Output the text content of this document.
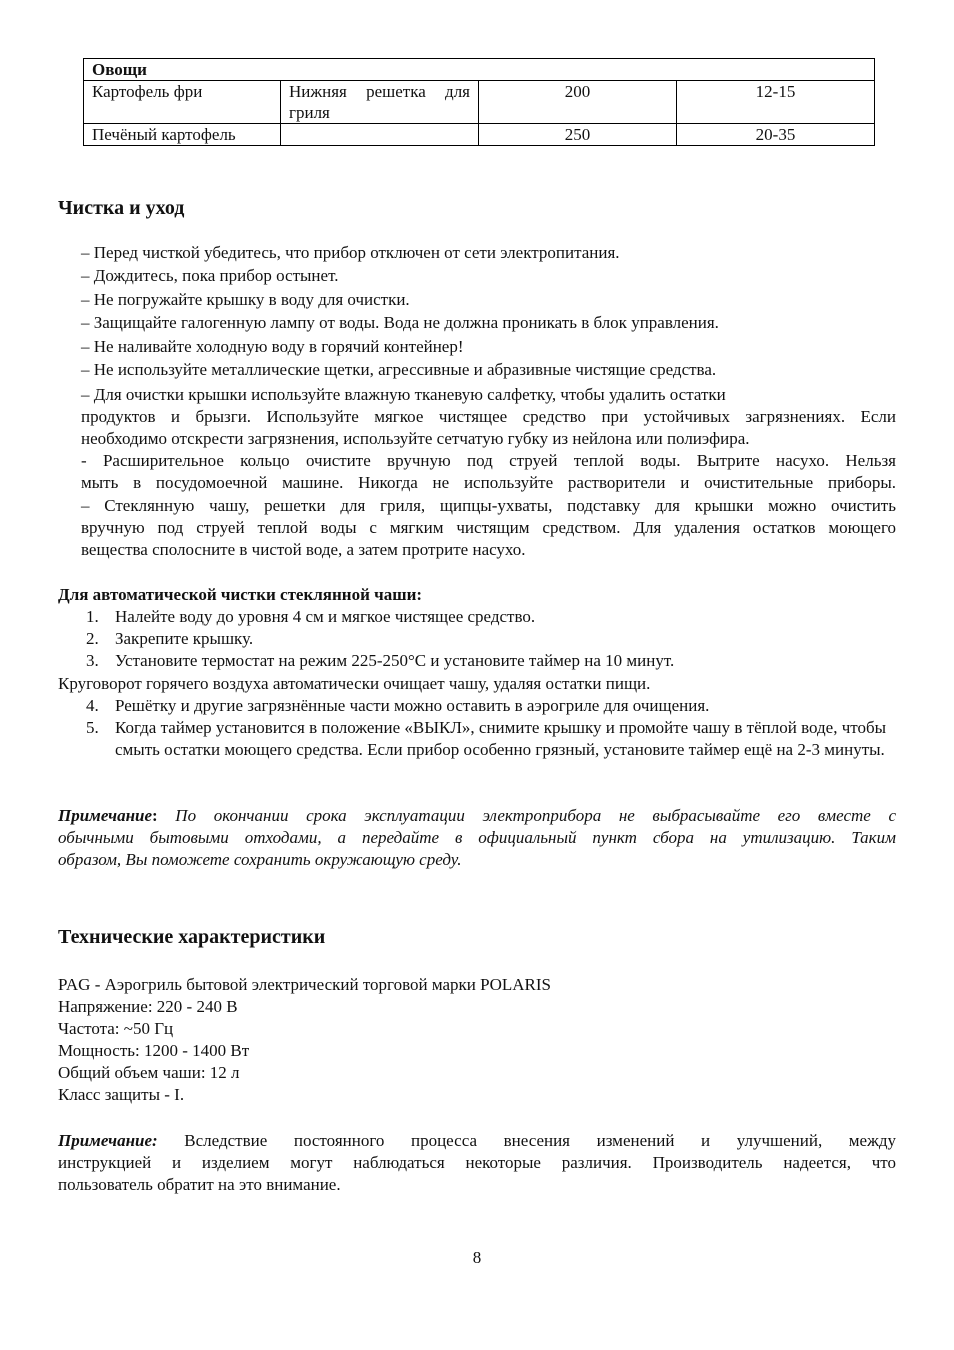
Овощи			
Картофель фри	Нижняя решетка для
гриля	200	12-15
Печёный картофель		250	20-35
Чистка и уход
– Перед чисткой убедитесь, что прибор отключен от сети электропитания.
– Дождитесь, пока прибор остынет.
– Не погружайте крышку в воду для очистки.
– Защищайте галогенную лампу от воды. Вода не должна проникать в блок управления.
– Не наливайте холодную воду в горячий контейнер!
– Не используйте металлические щетки, агрессивные и абразивные чистящие средства.
– Для очистки крышки используйте влажную тканевую салфетку, чтобы удалить остатки
продуктов и брызги. Используйте мягкое чистящее средство при устойчивых загрязнениях. Если
необходимо отскрести загрязнения, используйте сетчатую губку из нейлона или полиэфира.
- Расширительное кольцо очистите вручную под струей теплой воды. Вытрите насухо. Нельзя
мыть в посудомоечной машине. Никогда не используйте растворители и очистительные приборы.
– Стеклянную чашу, решетки для гриля, щипцы-ухваты, подставку для крышки можно очистить
вручную под струей теплой воды с мягким чистящим средством. Для удаления остатков моющего
вещества сполосните в чистой воде, а затем протрите насухо.
Для автоматической чистки стеклянной чаши:
1. Налейте воду до уровня 4 см и мягкое чистящее средство.
2. Закрепите крышку.
3. Установите термостат на режим 225-250°С и установите таймер на 10 минут.
Круговорот горячего воздуха автоматически очищает чашу, удаляя остатки пищи.
4. Решётку и другие загрязнённые части можно оставить в аэрогриле для очищения.
5. Когда таймер установится в положение «ВЫКЛ», снимите крышку и промойте чашу в тёплой воде, чтобы смыть остатки моющего средства. Если прибор особенно грязный, установите таймер ещё на 2-3 минуты.
Примечание: По окончании срока эксплуатации электроприбора не выбрасывайте его вместе с
обычными бытовыми отходами, а передайте в официальный пункт сбора на утилизацию. Таким
образом, Вы поможете сохранить окружающую среду.
Технические характеристики
PAG - Аэрогриль бытовой электрический торговой марки POLARIS
Напряжение: 220 - 240 В
Частота: ~50 Гц
Мощность: 1200 - 1400 Вт
Общий объем чаши: 12 л
Класс защиты - I.
Примечание: Вследствие постоянного процесса внесения изменений и улучшений, между
инструкцией и изделием могут наблюдаться некоторые различия. Производитель надеется, что
пользователь обратит на это внимание.
8
